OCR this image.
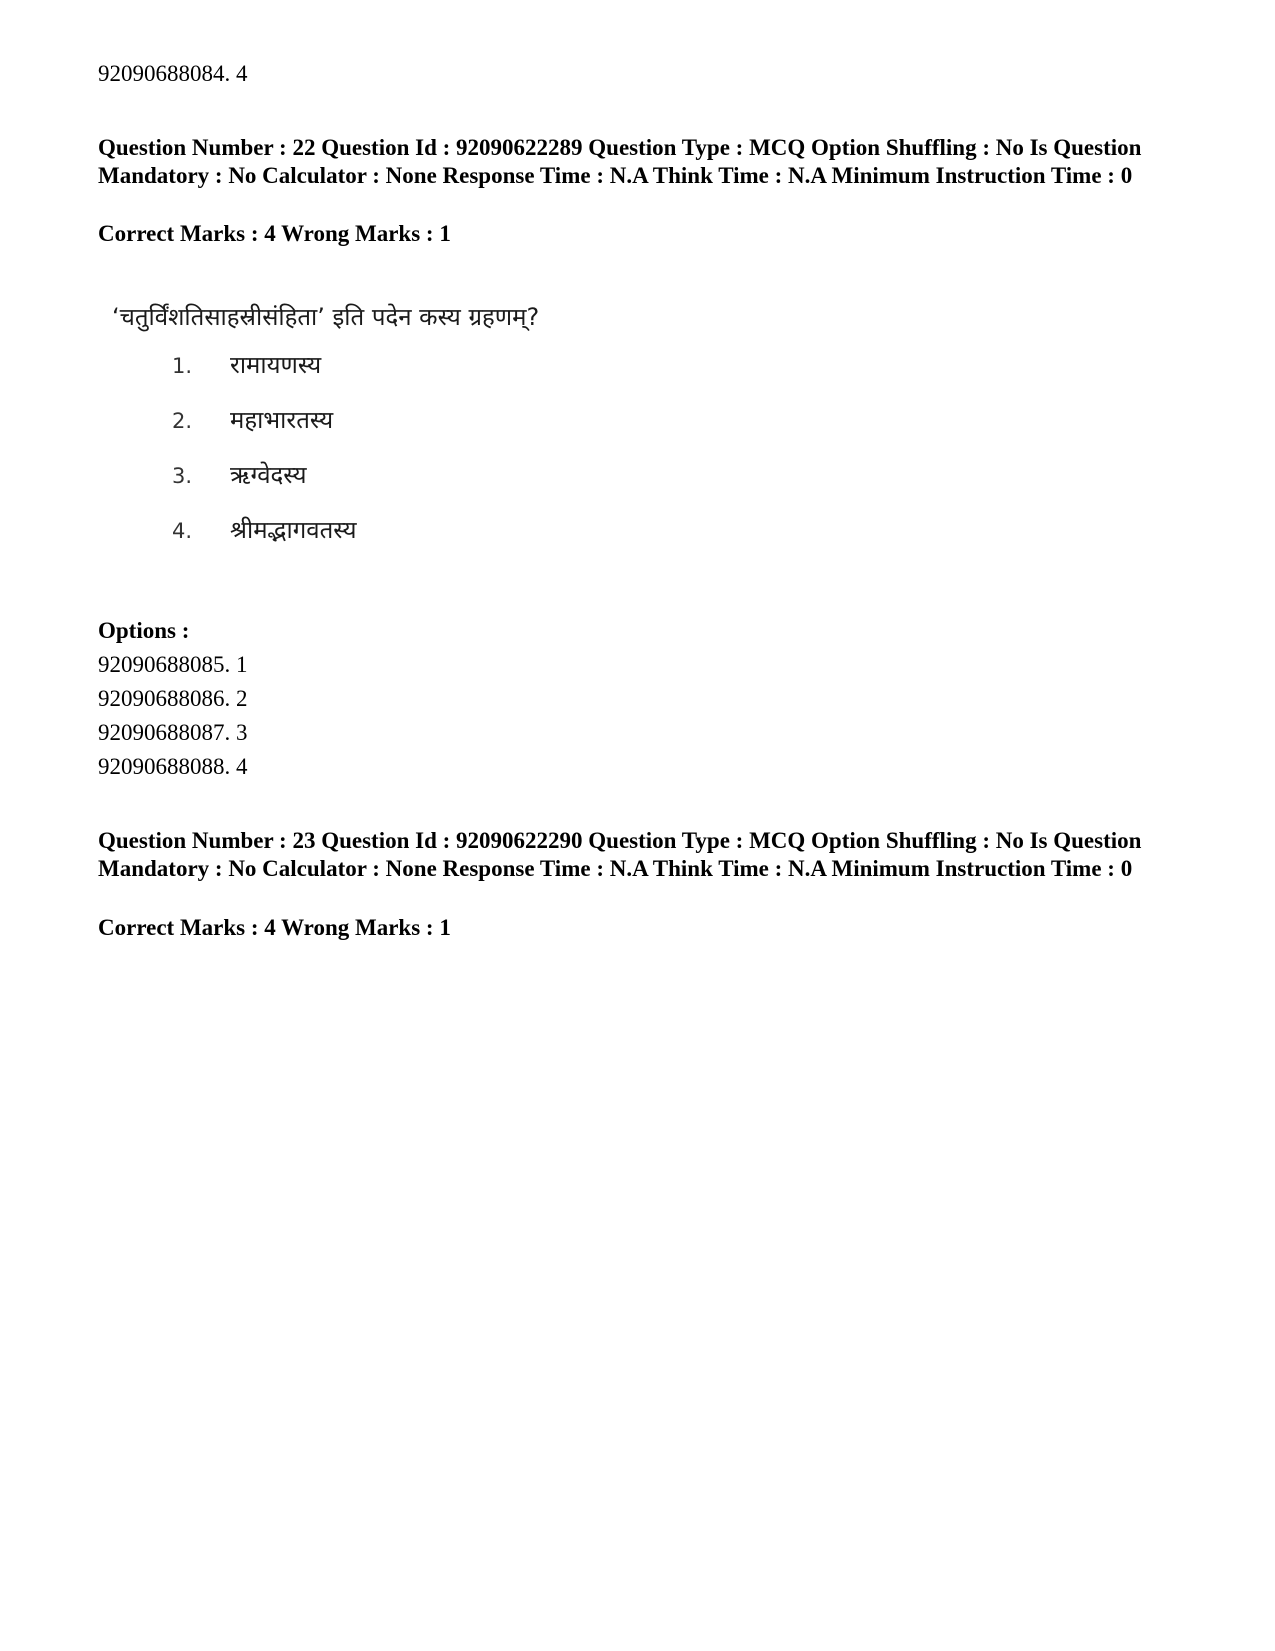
92090688084. 4
Question Number : 22 Question Id : 92090622289 Question Type : MCQ Option Shuffling : No Is Question Mandatory : No Calculator : None Response Time : N.A Think Time : N.A Minimum Instruction Time : 0
Correct Marks : 4 Wrong Marks : 1
‘चतुर्विंशतिसाहस्रीसंहिता’ इति पदेन कस्य ग्रहणम्?
1. रामायणस्य
2. महाभारतस्य
3. ऋग्वेदस्य
4. श्रीमद्भागवतस्य
Options :
92090688085. 1
92090688086. 2
92090688087. 3
92090688088. 4
Question Number : 23 Question Id : 92090622290 Question Type : MCQ Option Shuffling : No Is Question Mandatory : No Calculator : None Response Time : N.A Think Time : N.A Minimum Instruction Time : 0
Correct Marks : 4 Wrong Marks : 1
